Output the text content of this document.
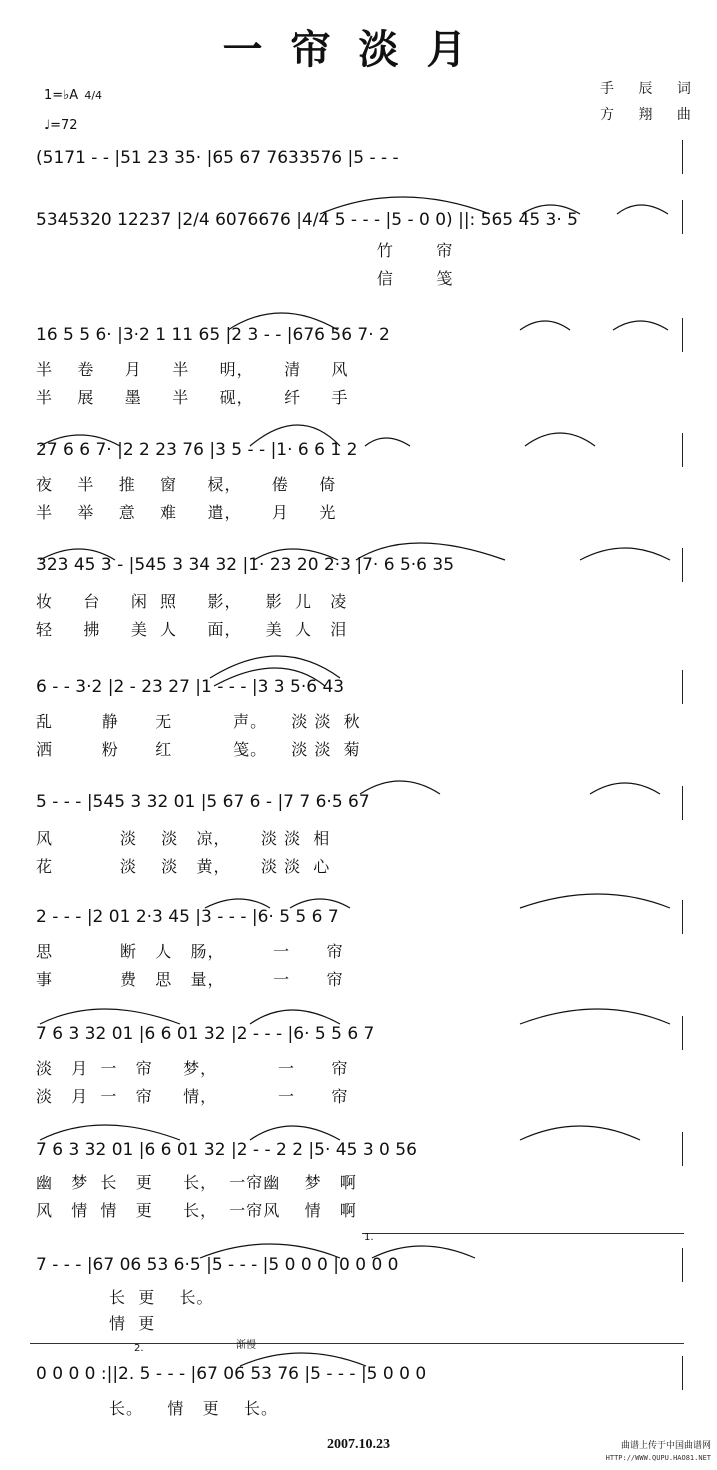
一帘淡月
手 辰 词
方 翔 曲
1=♭A 4/4
♩=72
(5171 - - |51 23 35· |65 67 7633576 |5 - - -
5345320 12237 |2/4 6076676 |4/4 5 - - - |5 - 0 0) ||: 565 45 3· 5
竹       帘
信       笺
16 5 5 6· |3·2 1 11 65 |2 3 - - |676 56 7· 2
半    卷     月     半     明，     清     风
半    展     墨     半     砚，     纤     手
27 6 6 7· |2 2 23 76 |3 5 - - |1· 6 6 1 2
夜    半    推    窗     棂，     倦     倚
半    举    意    难     遣，     月     光
323 45 3 - |545 3 34 32 |1· 23 20 2·3 |7· 6 5·6 35
妆     台     闲  照     影，    影  儿   凌
轻     拂     美  人     面，    美  人   泪
6 - - 3·2 |2 - 23 27 |1 - - - |3 3 5·6 43
乱        静      无          声。    淡 淡  秋
洒        粉      红          笺。    淡 淡  菊
5 - - - |545 3 32 01 |5 67 6 - |7 7 6·5 67
风           淡    淡   凉，     淡 淡  相
花           淡    淡   黄，     淡 淡  心
2 - - - |2 01 2·3 45 |3 - - - |6· 5 5 6 7
思           断   人   肠，        一      帘
事           费   思   量，        一      帘
7 6 3 32 01 |6 6 01 32 |2 - - - |6· 5 5 6 7
淡   月  一   帘     梦，          一      帘
淡   月  一   帘     情，          一      帘
7 6 3 32 01 |6 6 01 32 |2 - - 2 2 |5· 45 3 0 56
幽   梦  长   更     长，  一帘幽    梦   啊
风   情  情   更     长，  一帘风    情   啊
1.
7 - - - |67 06 53 6·5 |5 - - - |5 0 0 0 |0 0 0 0
长  更    长。
情  更
2.	渐慢
0 0 0 0 :||2. 5 - - - |67 06 53 76 |5 - - - |5 0 0 0
长。    情   更    长。
2007.10.23	曲谱上传于中国曲谱网
HTTP://WWW.QUPU.HAO81.NET
